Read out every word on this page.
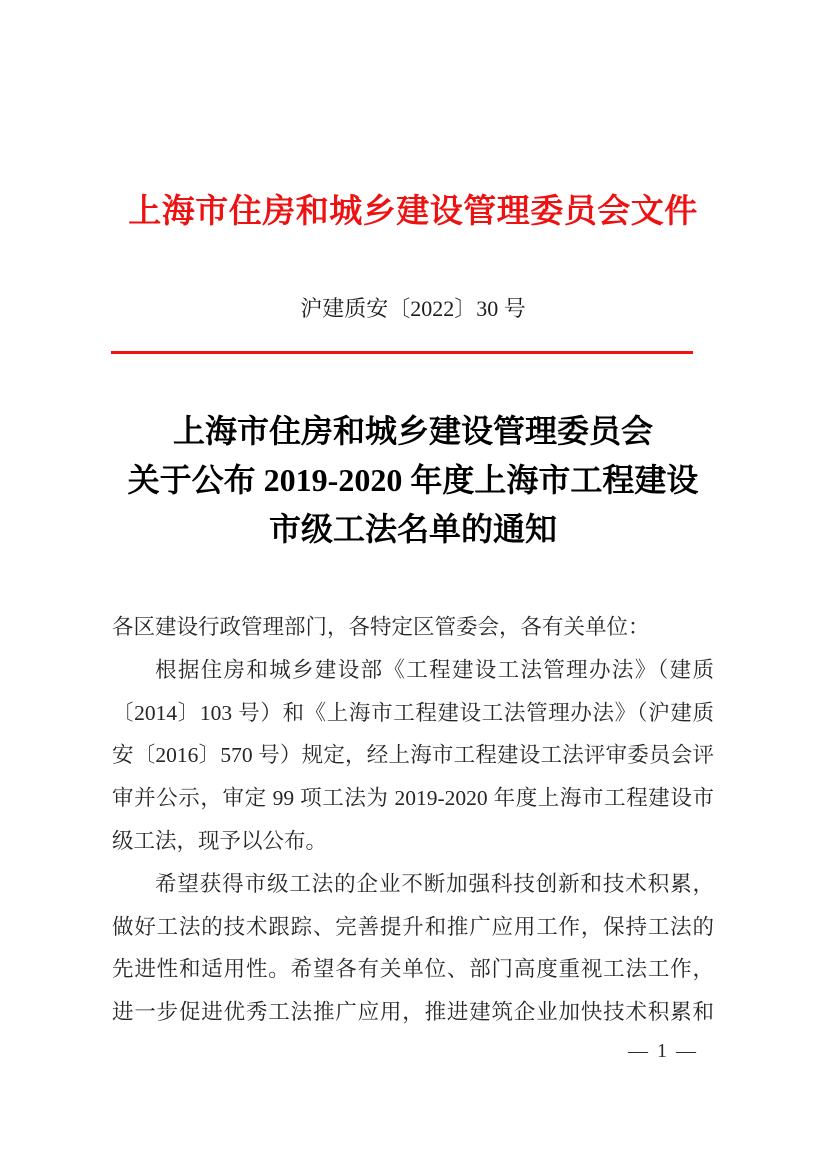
上海市住房和城乡建设管理委员会文件
沪建质安〔2022〕30 号
上海市住房和城乡建设管理委员会
关于公布 2019-2020 年度上海市工程建设
市级工法名单的通知
各区建设行政管理部门，各特定区管委会，各有关单位：
根据住房和城乡建设部《工程建设工法管理办法》（建质
〔2014〕103 号）和《上海市工程建设工法管理办法》（沪建质
安〔2016〕570 号）规定，经上海市工程建设工法评审委员会评
审并公示，审定 99 项工法为 2019-2020 年度上海市工程建设市
级工法，现予以公布。
希望获得市级工法的企业不断加强科技创新和技术积累，
做好工法的技术跟踪、完善提升和推广应用工作，保持工法的
先进性和适用性。希望各有关单位、部门高度重视工法工作，
进一步促进优秀工法推广应用，推进建筑企业加快技术积累和
— 1 —
